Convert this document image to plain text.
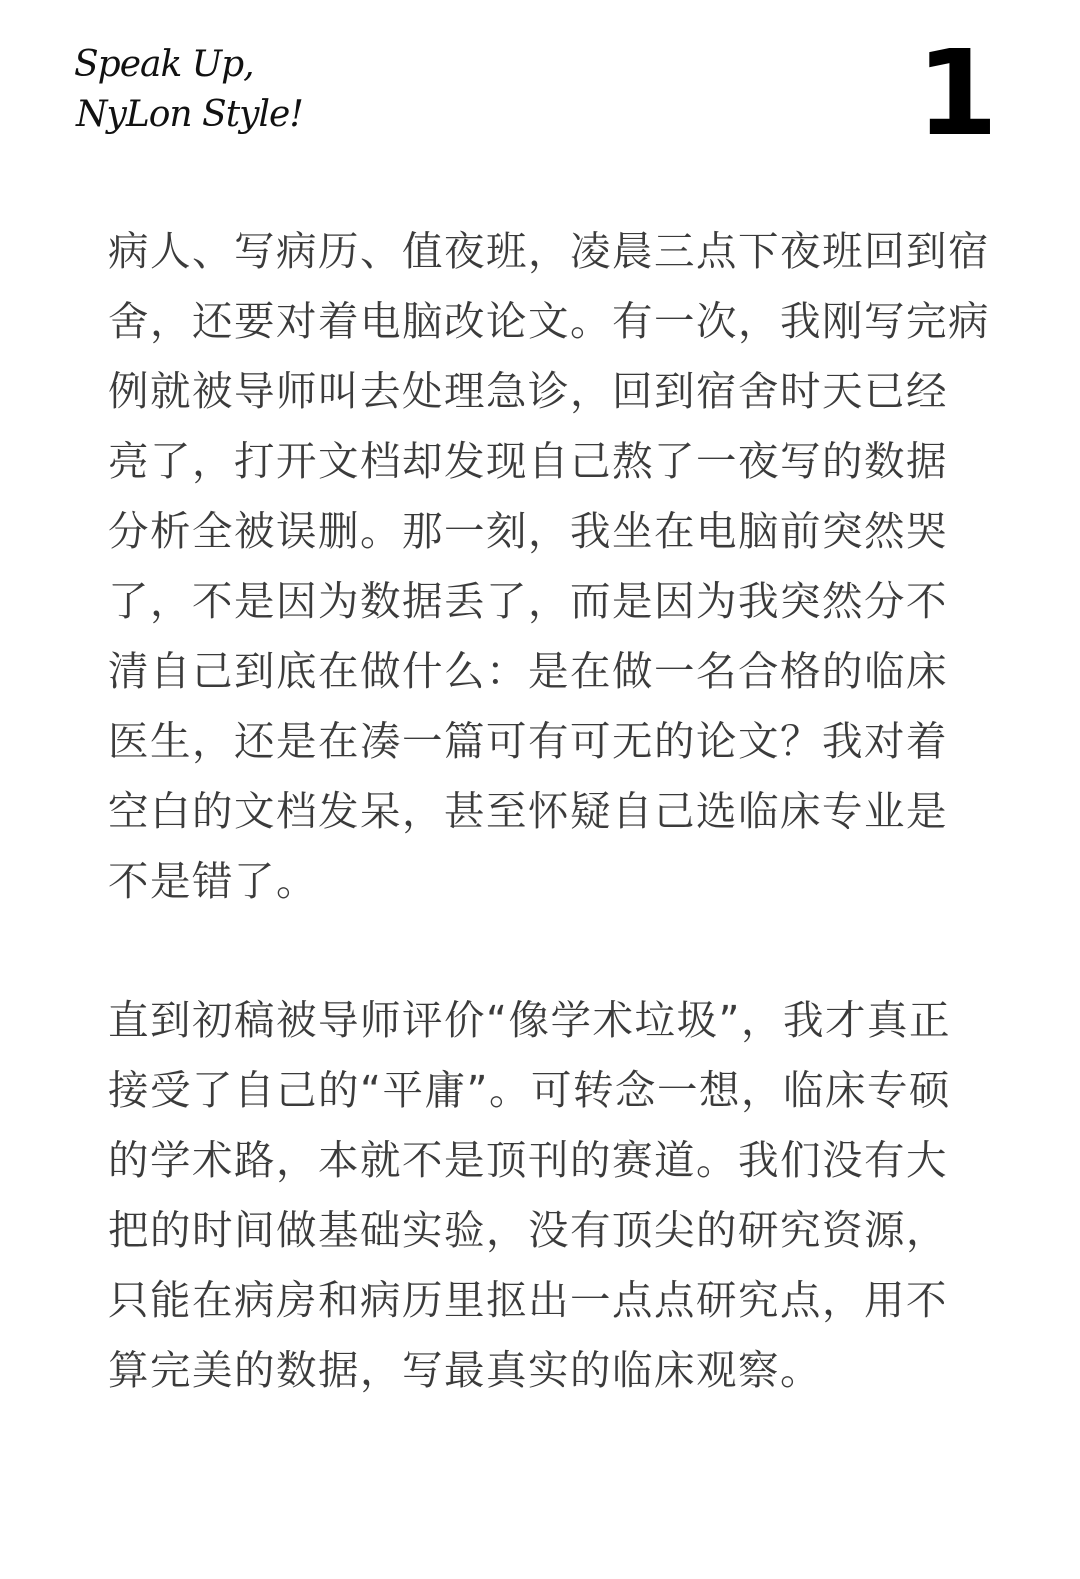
Speak Up,
NyLon Style!	1
病人、写病历、值夜班，凌晨三点下夜班回到宿
舍，还要对着电脑改论文。有一次，我刚写完病
例就被导师叫去处理急诊，回到宿舍时天已经
亮了，打开文档却发现自己熬了一夜写的数据
分析全被误删。那一刻，我坐在电脑前突然哭
了，不是因为数据丢了，而是因为我突然分不
清自己到底在做什么：是在做一名合格的临床
医生，还是在凑一篇可有可无的论文？我对着
空白的文档发呆，甚至怀疑自己选临床专业是
不是错了。
直到初稿被导师评价“像学术垃圾”，我才真正
接受了自己的“平庸”。可转念一想，临床专硕
的学术路，本就不是顶刊的赛道。我们没有大
把的时间做基础实验，没有顶尖的研究资源，
只能在病房和病历里抠出一点点研究点，用不
算完美的数据，写最真实的临床观察。
